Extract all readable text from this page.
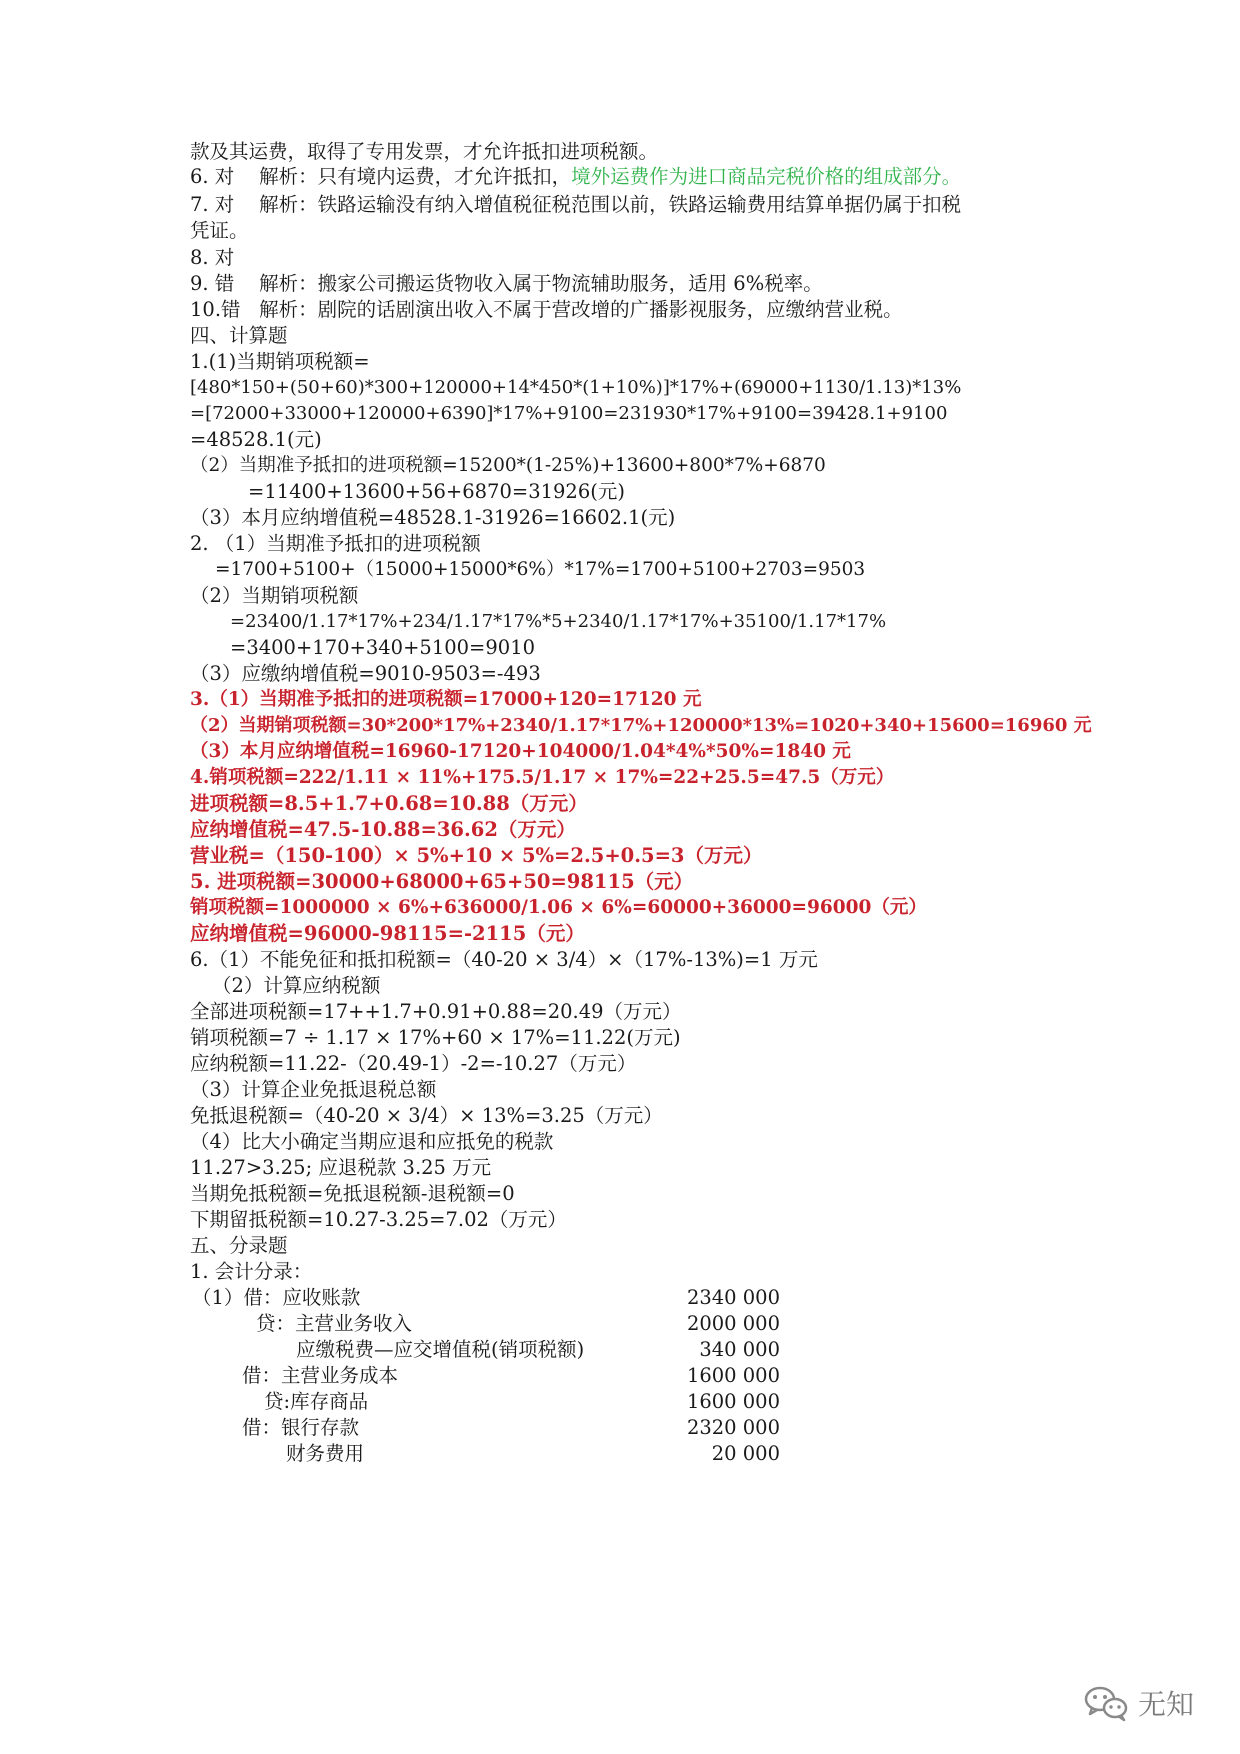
款及其运费，取得了专用发票，才允许抵扣进项税额。
6. 对    解析：只有境内运费，才允许抵扣，境外运费作为进口商品完税价格的组成部分。
7. 对    解析：铁路运输没有纳入增值税征税范围以前，铁路运输费用结算单据仍属于扣税
凭证。
8. 对
9. 错    解析：搬家公司搬运货物收入属于物流辅助服务，适用 6%税率。
10.错   解析：剧院的话剧演出收入不属于营改增的广播影视服务，应缴纳营业税。
四、计算题
1.(1)当期销项税额=
[480*150+(50+60)*300+120000+14*450*(1+10%)]*17%+(69000+1130/1.13)*13%
=[72000+33000+120000+6390]*17%+9100=231930*17%+9100=39428.1+9100
=48528.1(元)
（2）当期准予抵扣的进项税额=15200*(1-25%)+13600+800*7%+6870
=11400+13600+56+6870=31926(元)
（3）本月应纳增值税=48528.1-31926=16602.1(元)
2. （1）当期准予抵扣的进项税额
=1700+5100+（15000+15000*6%）*17%=1700+5100+2703=9503
（2）当期销项税额
=23400/1.17*17%+234/1.17*17%*5+2340/1.17*17%+35100/1.17*17%
=3400+170+340+5100=9010
（3）应缴纳增值税=9010-9503=-493
3.（1）当期准予抵扣的进项税额=17000+120=17120 元
（2）当期销项税额=30*200*17%+2340/1.17*17%+120000*13%=1020+340+15600=16960 元
（3）本月应纳增值税=16960-17120+104000/1.04*4%*50%=1840 元
4.销项税额=222/1.11 × 11%+175.5/1.17 × 17%=22+25.5=47.5（万元）
进项税额=8.5+1.7+0.68=10.88（万元）
应纳增值税=47.5-10.88=36.62（万元）
营业税=（150-100）× 5%+10 × 5%=2.5+0.5=3（万元）
5. 进项税额=30000+68000+65+50=98115（元）
销项税额=1000000 × 6%+636000/1.06 × 6%=60000+36000=96000（元）
应纳增值税=96000-98115=-2115（元）
6.（1）不能免征和抵扣税额=（40-20 × 3/4）×（17%-13%)=1 万元
（2）计算应纳税额
全部进项税额=17++1.7+0.91+0.88=20.49（万元）
销项税额=7 ÷ 1.17 × 17%+60 × 17%=11.22(万元)
应纳税额=11.22-（20.49-1）-2=-10.27（万元）
（3）计算企业免抵退税总额
免抵退税额=（40-20 × 3/4）× 13%=3.25（万元）
（4）比大小确定当期应退和应抵免的税款
11.27>3.25; 应退税款 3.25 万元
当期免抵税额=免抵退税额-退税额=0
下期留抵税额=10.27-3.25=7.02（万元）
五、分录题
1. 会计分录：
（1）借：应收账款	2340 000
贷：主营业务收入	2000 000
应缴税费—应交增值税(销项税额)	340 000
借：主营业务成本	1600 000
贷:库存商品	1600 000
借：银行存款	2320 000
财务费用	20 000
无知
